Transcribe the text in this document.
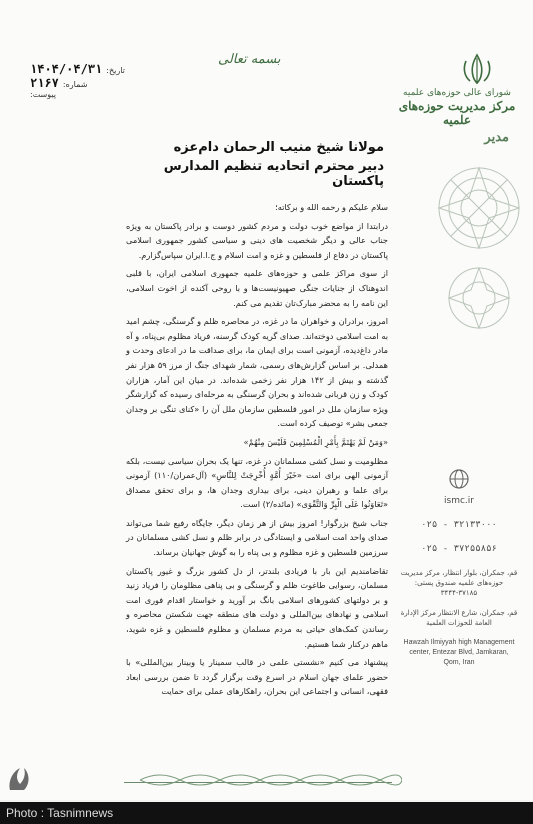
شورای عالی حوزه‌های علمیه
مرکز مدیریت حوزه‌های علمیه
مدیر
بسمه تعالی
تاریخ:
۱۴۰۴/۰۴/۳۱
شماره:
۲۱۶۷
پیوست:
مولانا شیخ منیب الرحمان دام‌عزه
دبیر محترم اتحادیه تنظیم المدارس پاکستان

سلام علیکم و رحمه الله و برکاته؛

درابتدا از مواضع خوب دولت و مردم کشور دوست و برادر پاکستان به ویژه جناب عالی و دیگر شخصیت های دینی و سیاسی کشور جمهوری اسلامی پاکستان در دفاع از فلسطین و غزه و امت اسلام و ج.ا.ایران سپاس‌گزارم.

از سوی مراکز علمی و حوزه‌های علمیه جمهوری اسلامی ایران، با قلبی اندوهناک از جنایات جنگی صهیونیست‌ها و با روحی آکنده از اخوت اسلامی، این نامه را به محضر مبارک‌تان تقدیم می کنم.

امروز، برادران و خواهران ما در غزه، در محاصره ظلم و گرسنگی، چشم امید به امت اسلامی دوخته‌اند. صدای گریه کودک گرسنه، فریاد مظلوم بی‌پناه، و آه مادر داغ‌دیده، آزمونی است برای ایمان ما، برای صداقت ما در ادعای وحدت و همدلی. بر اساس گزارش‌های رسمی، شمار شهدای جنگ از مرز ۵۹ هزار نفر گذشته و بیش از ۱۴۲ هزار نفر زخمی شده‌اند. در میان این آمار، هزاران کودک و زن قربانی شده‌اند و بحران گرسنگی به مرحله‌ای رسیده که گزارشگر ویژه سازمان ملل در امور فلسطین سازمان ملل آن را «کنای تنگی بر وجدان جمعی بشر» توصیف کرده است.

«وَمَنْ لَمْ يَهْتَمَّ بِأَمْرِ الْمُسْلِمِينَ فَلَيْسَ مِنْهُمْ»

مظلومیت و نسل کشی مسلمانان در غزه، تنها یک بحران سیاسی نیست، بلکه آزمونی الهی برای امت «خَیْرَ أُمَّةٍ أُخْرِجَتْ لِلنَّاسِ» (آل‌عمران/۱۱۰) آزمونی برای علما و رهبران دینی، برای بیداری وجدان ها، و برای تحقق مصداق «تَعَاوَنُوا عَلَى الْبِرِّ وَالتَّقْوَى» (مائده/۲) است.

جناب شیخ بزرگوار! امروز بیش از هر زمان دیگر، جایگاه رفیع شما می‌تواند صدای واحد امت اسلامی و ایستادگی در برابر ظلم و نسل کشی مسلمانان در سرزمین فلسطین و غزه مظلوم و بی پناه را به گوش جهانیان برساند.

تقاضامندیم این بار با فریادی بلندتر، از دل کشور بزرگ و غیور پاکستان مسلمان، رسوایی طاغوت ظلم و گرسنگی و بی پناهی مظلومان را فریاد زنید و بر دولتهای کشورهای اسلامی بانگ بر آورید و خواستار اقدام فوری امت اسلامی و نهادهای بین‌المللی و دولت های منطقه جهت شکستن محاصره و رساندن کمک‌های حیاتی به مردم مسلمان و مظلوم فلسطین و غزه شوید، ماهم دركنار شما هستیم.

پیشنهاد می کنیم «نشستی علمی در قالب سمینار یا وبینار بین‌المللی» با حضور علمای جهان اسلام در اسرع وقت برگزار گردد تا ضمن بررسی ابعاد فقهی، انسانی و اجتماعی این بحران، راهکارهای عملی برای حمایت

ismc.ir
۰۲۵ - ۳۲۱۳۳۰۰۰
۰۲۵ - ۳۷۲۵۵۸۵۶
قم، جمکران، بلوار انتظار، مرکز مدیریت حوزه‌های علمیه صندوق پستی: ۳۷۱۸۵-۳۴۴۴
قم، جمكران، شارع الانتظار مركز الإدارة العامة للحوزات العلمية
Hawzah Ilmiyyah high Management center, Entezar Blvd, Jamkaran, Qom, Iran
Photo : Tasnimnews
